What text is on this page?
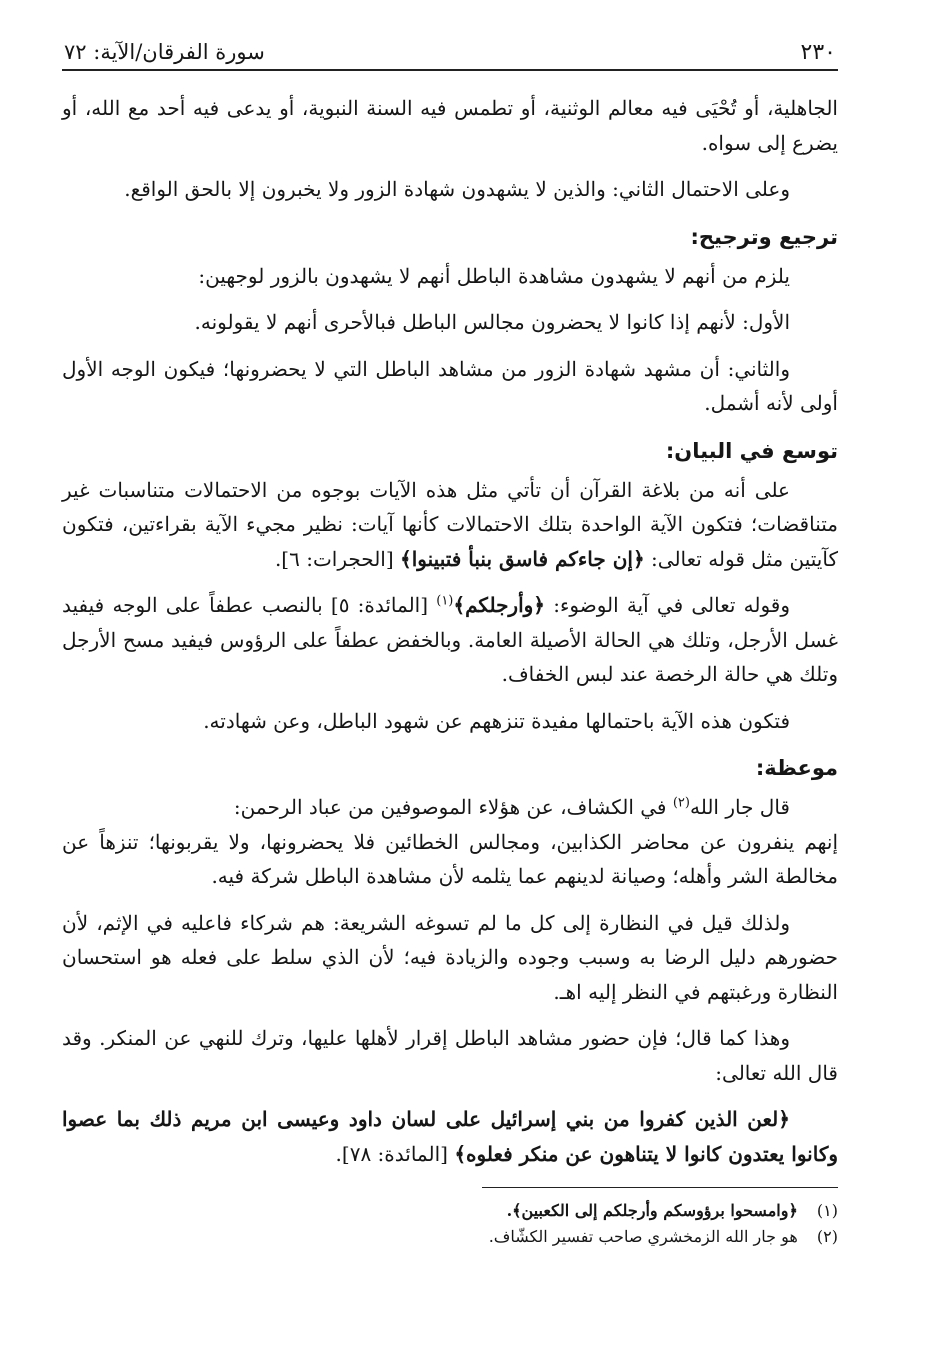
٢٣٠
سورة الفرقان/الآية: ٧٢

الجاهلية، أو تُحْيَى فيه معالم الوثنية، أو تطمس فيه السنة النبوية، أو يدعى فيه أحد مع الله، أو يضرع إلى سواه.

وعلى الاحتمال الثاني: والذين لا يشهدون شهادة الزور ولا يخبرون إلا بالحق الواقع.

ترجيع وترجيح:

يلزم من أنهم لا يشهدون مشاهدة الباطل أنهم لا يشهدون بالزور لوجهين:

الأول: لأنهم إذا كانوا لا يحضرون مجالس الباطل فبالأحرى أنهم لا يقولونه.

والثاني: أن مشهد شهادة الزور من مشاهد الباطل التي لا يحضرونها؛ فيكون الوجه الأول أولى لأنه أشمل.

توسع في البيان:

على أنه من بلاغة القرآن أن تأتي مثل هذه الآيات بوجوه من الاحتمالات متناسبات غير متناقضات؛ فتكون الآية الواحدة بتلك الاحتمالات كأنها آيات: نظير مجيء الآية بقراءتين، فتكون كآيتين مثل قوله تعالى: ﴿إن جاءكم فاسق بنبأ فتبينوا﴾ [الحجرات: ٦].

وقوله تعالى في آية الوضوء: ﴿وأرجلكم﴾$^{(١)}$ [المائدة: ٥] بالنصب عطفاً على الوجه فيفيد غسل الأرجل، وتلك هي الحالة الأصيلة العامة. وبالخفض عطفاً على الرؤوس فيفيد مسح الأرجل وتلك هي حالة الرخصة عند لبس الخفاف.

فتكون هذه الآية باحتمالها مفيدة تنزههم عن شهود الباطل، وعن شهادته.

موعظة:

قال جار الله$^{(٢)}$ في الكشاف، عن هؤلاء الموصوفين من عباد الرحمن:

إنهم ينفرون عن محاضر الكذابين، ومجالس الخطائين فلا يحضرونها، ولا يقربونها؛ تنزهاً عن مخالطة الشر وأهله؛ وصيانة لدينهم عما يثلمه لأن مشاهدة الباطل شركة فيه.

ولذلك قيل في النظارة إلى كل ما لم تسوغه الشريعة: هم شركاء فاعليه في الإثم، لأن حضورهم دليل الرضا به وسبب وجوده والزيادة فيه؛ لأن الذي سلط على فعله هو استحسان النظارة ورغبتهم في النظر إليه اهـ.

وهذا كما قال؛ فإن حضور مشاهد الباطل إقرار لأهلها عليها، وترك للنهي عن المنكر. وقد قال الله تعالى:

﴿لعن الذين كفروا من بني إسرائيل على لسان داود وعيسى ابن مريم ذلك بما عصوا وكانوا يعتدون كانوا لا يتناهون عن منكر فعلوه﴾ [المائدة: ٧٨].

(١) ﴿وامسحوا برؤوسكم وأرجلكم إلى الكعبين﴾.
(٢) هو جار الله الزمخشري صاحب تفسير الكشّاف.
